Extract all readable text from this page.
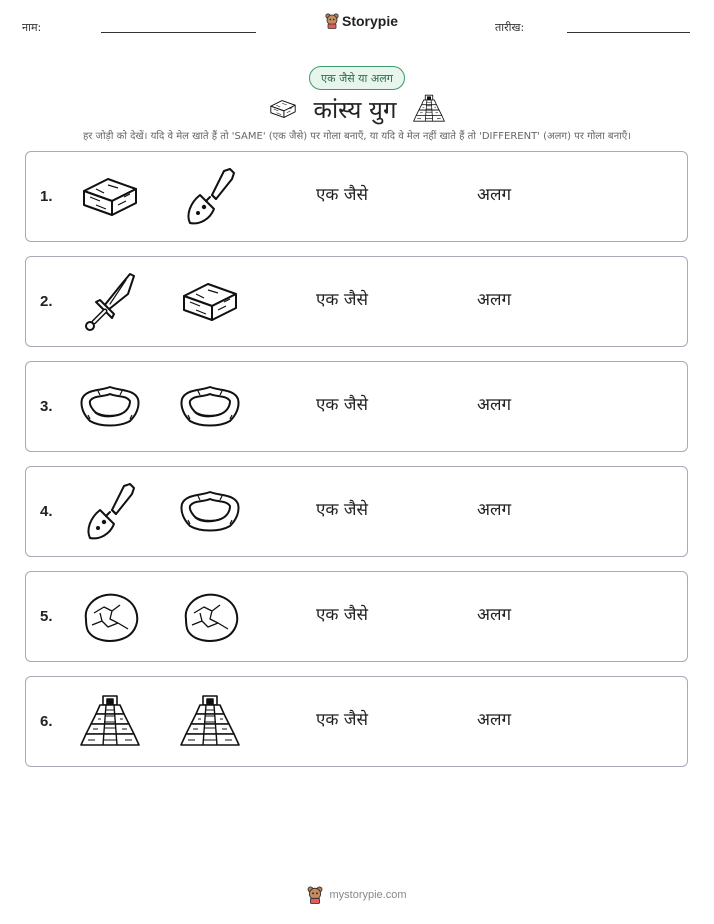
नाम:	Storypie	तारीख:
एक जैसे या अलग
कांस्य युग
हर जोड़ी को देखें। यदि वे मेल खाते हैं तो 'SAME' (एक जैसे) पर गोला बनाएँ, या यदि वे मेल नहीं खाते हैं तो 'DIFFERENT' (अलग) पर गोला बनाएँ।
1.	एक जैसे	अलग
2.	एक जैसे	अलग
3.	एक जैसे	अलग
4.	एक जैसे	अलग
5.	एक जैसे	अलग
6.	एक जैसे	अलग
mystorypie.com
